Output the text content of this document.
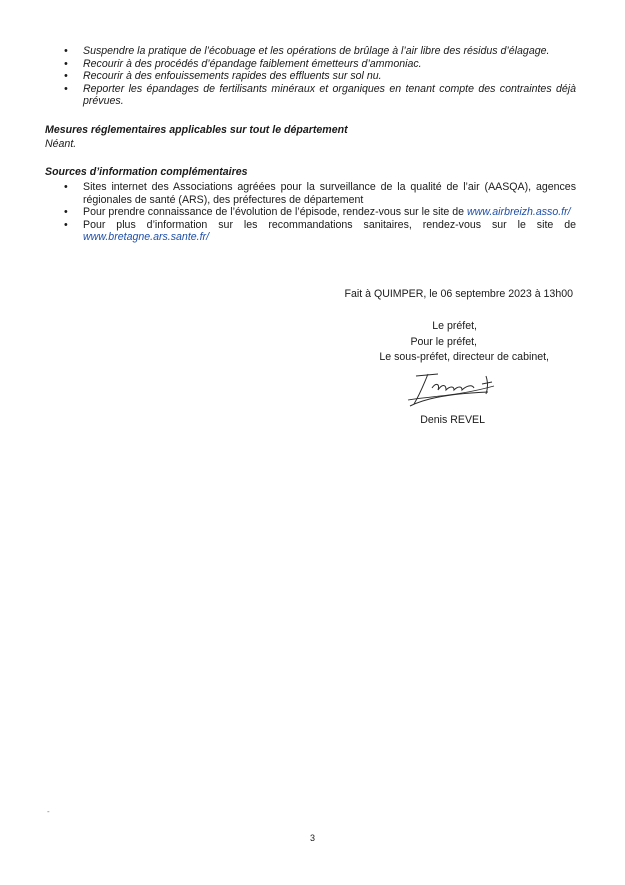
•	Suspendre la pratique de l’écobuage et les opérations de brûlage à l’air libre des résidus d’élagage.
•	Recourir à des procédés d’épandage faiblement émetteurs d’ammoniac.
•	Recourir à des enfouissements rapides des effluents sur sol nu.
•	Reporter les épandages de fertilisants minéraux et organiques en tenant compte des contraintes déjà prévues.
Mesures réglementaires applicables sur tout le département
Néant.
Sources d’information complémentaires
•	Sites internet des Associations agréées pour la surveillance de la qualité de l’air (AASQA), agences régionales de santé (ARS), des préfectures de département
•	Pour prendre connaissance de l’évolution de l’épisode, rendez-vous sur le site de www.airbreizh.asso.fr/
•	Pour plus d’information sur les recommandations sanitaires, rendez-vous sur le site de www.bretagne.ars.sante.fr/
Fait à QUIMPER, le 06 septembre 2023 à 13h00
Le préfet,
Pour le préfet,
Le sous-préfet, directeur de cabinet,
Denis REVEL
-
3
